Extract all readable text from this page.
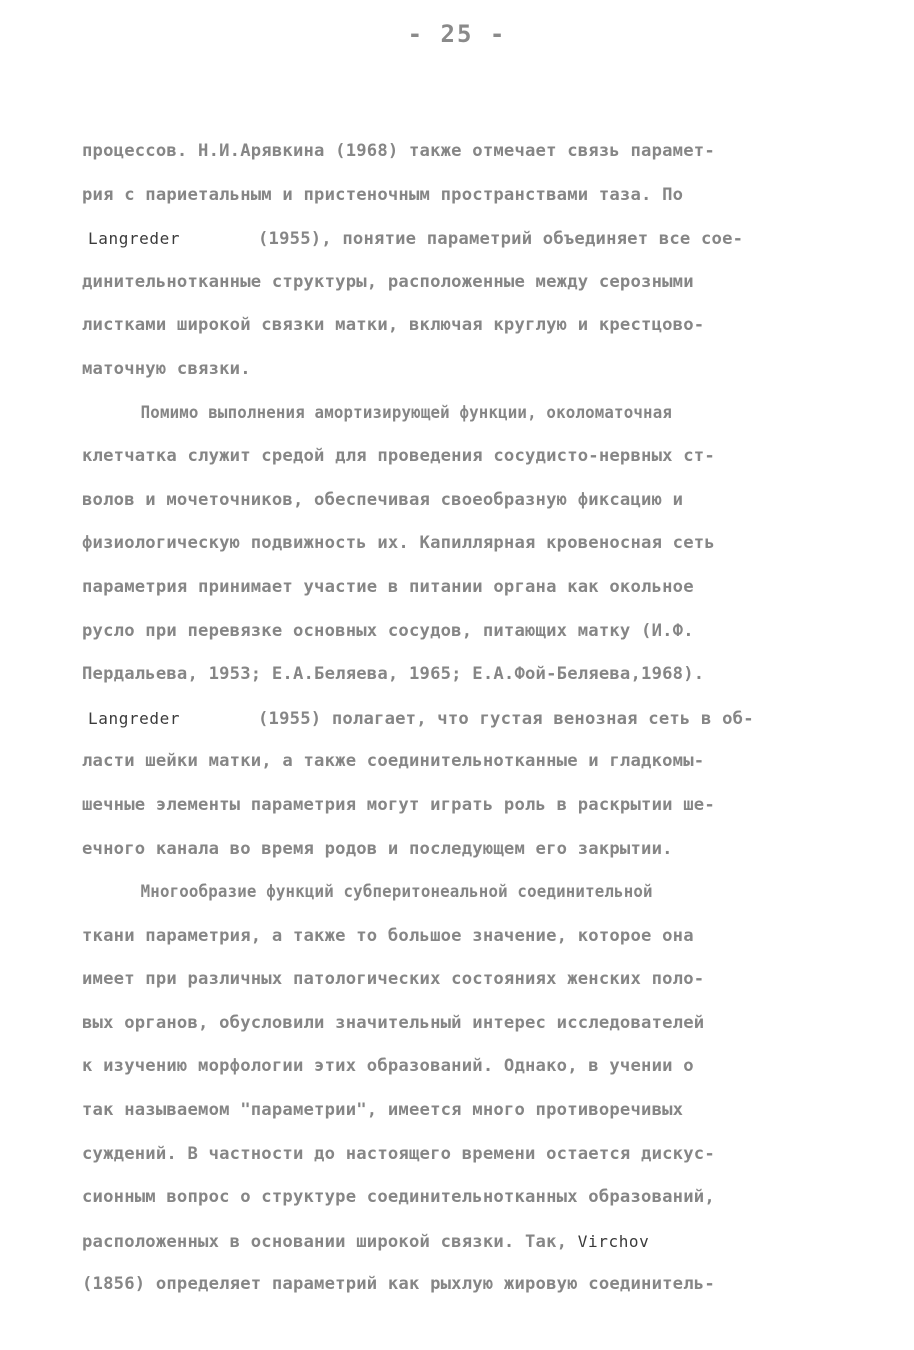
- 25 -
процессов. Н.И.Арявкина (1968) также отмечает связь парамет-
рия с париетальным и пристеночным пространствами таза. По
Langreder	(1955), понятие параметрий объединяет все сое-
динительнотканные структуры, расположенные между серозными
листками широкой связки матки, включая круглую и крестцово-
маточную связки.
Помимо выполнения амортизирующей функции, околоматочная
клетчатка служит средой для проведения сосудисто-нервных ст-
волов и мочеточников, обеспечивая своеобразную фиксацию и
физиологическую подвижность их. Капиллярная кровеносная сеть
параметрия принимает участие в питании органа как окольное
русло при перевязке основных сосудов, питающих матку (И.Ф.
Пердальева, 1953; Е.А.Беляева, 1965; Е.А.Фой-Беляева,1968).
Langreder	(1955) полагает, что густая венозная сеть в об-
ласти шейки матки, а также соединительнотканные и гладкомы-
шечные элементы параметрия могут играть роль в раскрытии ше-
ечного канала во время родов и последующем его закрытии.
Многообразие функций субперитонеальной соединительной
ткани параметрия, а также то большое значение, которое она
имеет при различных патологических состояниях женских поло-
вых органов, обусловили значительный интерес исследователей
к изучению морфологии этих образований. Однако, в учении о
так называемом "параметрии", имеется много противоречивых
суждений. В частности до настоящего времени остается дискус-
сионным вопрос о структуре соединительнотканных образований,
расположенных в основании широкой связки. Так, Virchov
(1856) определяет параметрий как рыхлую жировую соединитель-
